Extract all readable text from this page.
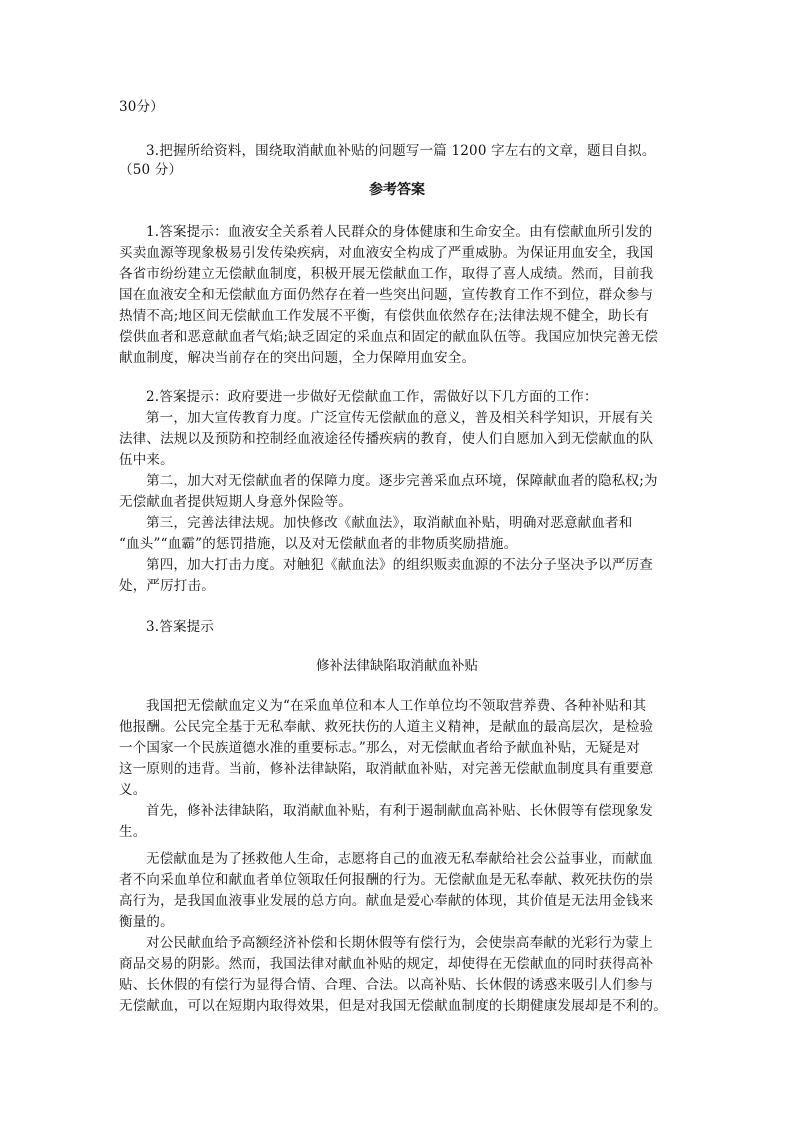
30分）
3.把握所给资料，围绕取消献血补贴的问题写一篇 1200 字左右的文章，题目自拟。
（50 分）
参考答案
1.答案提示：血液安全关系着人民群众的身体健康和生命安全。由有偿献血所引发的
买卖血源等现象极易引发传染疾病，对血液安全构成了严重威胁。为保证用血安全，我国
各省市纷纷建立无偿献血制度，积极开展无偿献血工作，取得了喜人成绩。然而，目前我
国在血液安全和无偿献血方面仍然存在着一些突出问题，宣传教育工作不到位，群众参与
热情不高;地区间无偿献血工作发展不平衡，有偿供血依然存在;法律法规不健全，助长有
偿供血者和恶意献血者气焰;缺乏固定的采血点和固定的献血队伍等。我国应加快完善无偿
献血制度，解决当前存在的突出问题，全力保障用血安全。
2.答案提示：政府要进一步做好无偿献血工作，需做好以下几方面的工作：
第一，加大宣传教育力度。广泛宣传无偿献血的意义，普及相关科学知识，开展有关
法律、法规以及预防和控制经血液途径传播疾病的教育，使人们自愿加入到无偿献血的队
伍中来。
第二，加大对无偿献血者的保障力度。逐步完善采血点环境，保障献血者的隐私权;为
无偿献血者提供短期人身意外保险等。
第三，完善法律法规。加快修改《献血法》，取消献血补贴，明确对恶意献血者和
“血头”“血霸”的惩罚措施，以及对无偿献血者的非物质奖励措施。
第四，加大打击力度。对触犯《献血法》的组织贩卖血源的不法分子坚决予以严厉查
处，严厉打击。
3.答案提示
修补法律缺陷取消献血补贴
我国把无偿献血定义为“在采血单位和本人工作单位均不领取营养费、各种补贴和其
他报酬。公民完全基于无私奉献、救死扶伤的人道主义精神，是献血的最高层次，是检验
一个国家一个民族道德水准的重要标志。”那么，对无偿献血者给予献血补贴，无疑是对
这一原则的违背。当前，修补法律缺陷，取消献血补贴，对完善无偿献血制度具有重要意
义。
首先，修补法律缺陷，取消献血补贴，有利于遏制献血高补贴、长休假等有偿现象发
生。
无偿献血是为了拯救他人生命，志愿将自己的血液无私奉献给社会公益事业，而献血
者不向采血单位和献血者单位领取任何报酬的行为。无偿献血是无私奉献、救死扶伤的崇
高行为，是我国血液事业发展的总方向。献血是爱心奉献的体现，其价值是无法用金钱来
衡量的。
对公民献血给予高额经济补偿和长期休假等有偿行为，会使崇高奉献的光彩行为蒙上
商品交易的阴影。然而，我国法律对献血补贴的规定，却使得在无偿献血的同时获得高补
贴、长休假的有偿行为显得合情、合理、合法。以高补贴、长休假的诱惑来吸引人们参与
无偿献血，可以在短期内取得效果，但是对我国无偿献血制度的长期健康发展却是不利的。
